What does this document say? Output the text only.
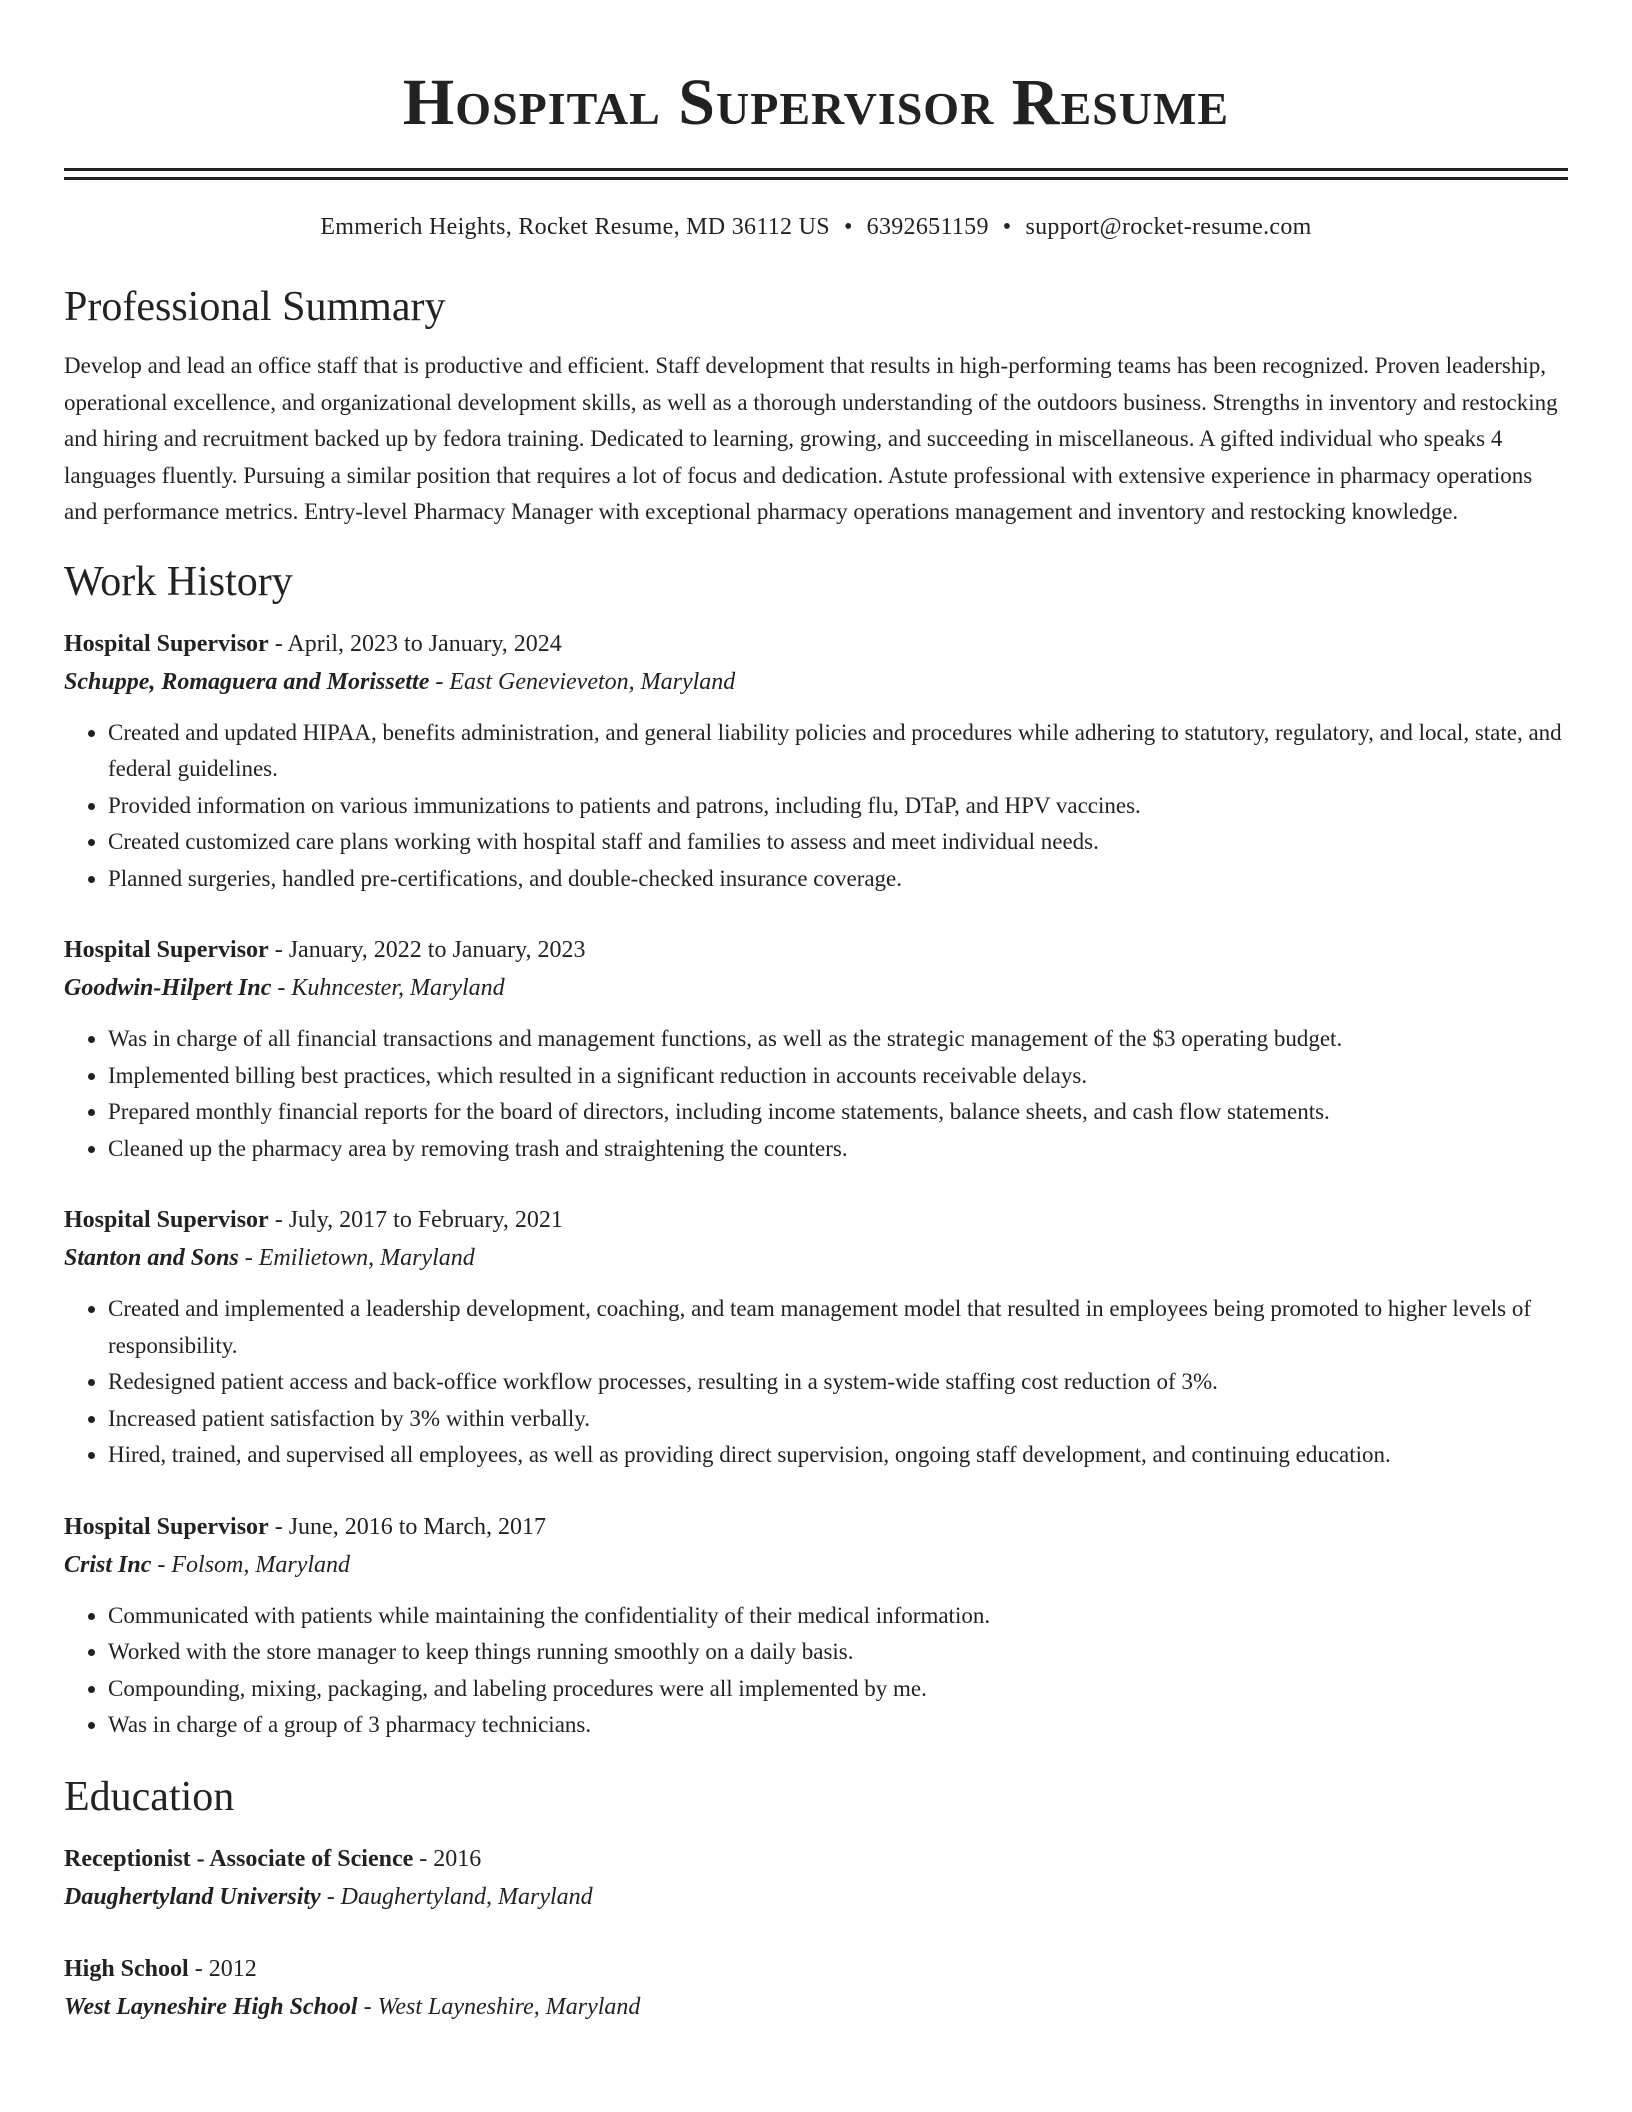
Hospital Supervisor Resume
Emmerich Heights, Rocket Resume, MD 36112 US • 6392651159 • support@rocket-resume.com
Professional Summary

Develop and lead an office staff that is productive and efficient. Staff development that results in high-performing teams has been recognized. Proven leadership, operational excellence, and organizational development skills, as well as a thorough understanding of the outdoors business. Strengths in inventory and restocking and hiring and recruitment backed up by fedora training. Dedicated to learning, growing, and succeeding in miscellaneous. A gifted individual who speaks 4 languages fluently. Pursuing a similar position that requires a lot of focus and dedication. Astute professional with extensive experience in pharmacy operations and performance metrics. Entry-level Pharmacy Manager with exceptional pharmacy operations management and inventory and restocking knowledge.

Work History
Hospital Supervisor - April, 2023 to January, 2024
Schuppe, Romaguera and Morissette - East Genevieveton, Maryland
• Created and updated HIPAA, benefits administration, and general liability policies and procedures while adhering to statutory, regulatory, and local, state, and federal guidelines.
• Provided information on various immunizations to patients and patrons, including flu, DTaP, and HPV vaccines.
• Created customized care plans working with hospital staff and families to assess and meet individual needs.
• Planned surgeries, handled pre-certifications, and double-checked insurance coverage.
Hospital Supervisor - January, 2022 to January, 2023
Goodwin-Hilpert Inc - Kuhncester, Maryland
• Was in charge of all financial transactions and management functions, as well as the strategic management of the $3 operating budget.
• Implemented billing best practices, which resulted in a significant reduction in accounts receivable delays.
• Prepared monthly financial reports for the board of directors, including income statements, balance sheets, and cash flow statements.
• Cleaned up the pharmacy area by removing trash and straightening the counters.
Hospital Supervisor - July, 2017 to February, 2021
Stanton and Sons - Emilietown, Maryland
• Created and implemented a leadership development, coaching, and team management model that resulted in employees being promoted to higher levels of responsibility.
• Redesigned patient access and back-office workflow processes, resulting in a system-wide staffing cost reduction of 3%.
• Increased patient satisfaction by 3% within verbally.
• Hired, trained, and supervised all employees, as well as providing direct supervision, ongoing staff development, and continuing education.
Hospital Supervisor - June, 2016 to March, 2017
Crist Inc - Folsom, Maryland
• Communicated with patients while maintaining the confidentiality of their medical information.
• Worked with the store manager to keep things running smoothly on a daily basis.
• Compounding, mixing, packaging, and labeling procedures were all implemented by me.
• Was in charge of a group of 3 pharmacy technicians.
Education
Receptionist - Associate of Science - 2016
Daughertyland University - Daughertyland, Maryland
High School - 2012
West Layneshire High School - West Layneshire, Maryland
